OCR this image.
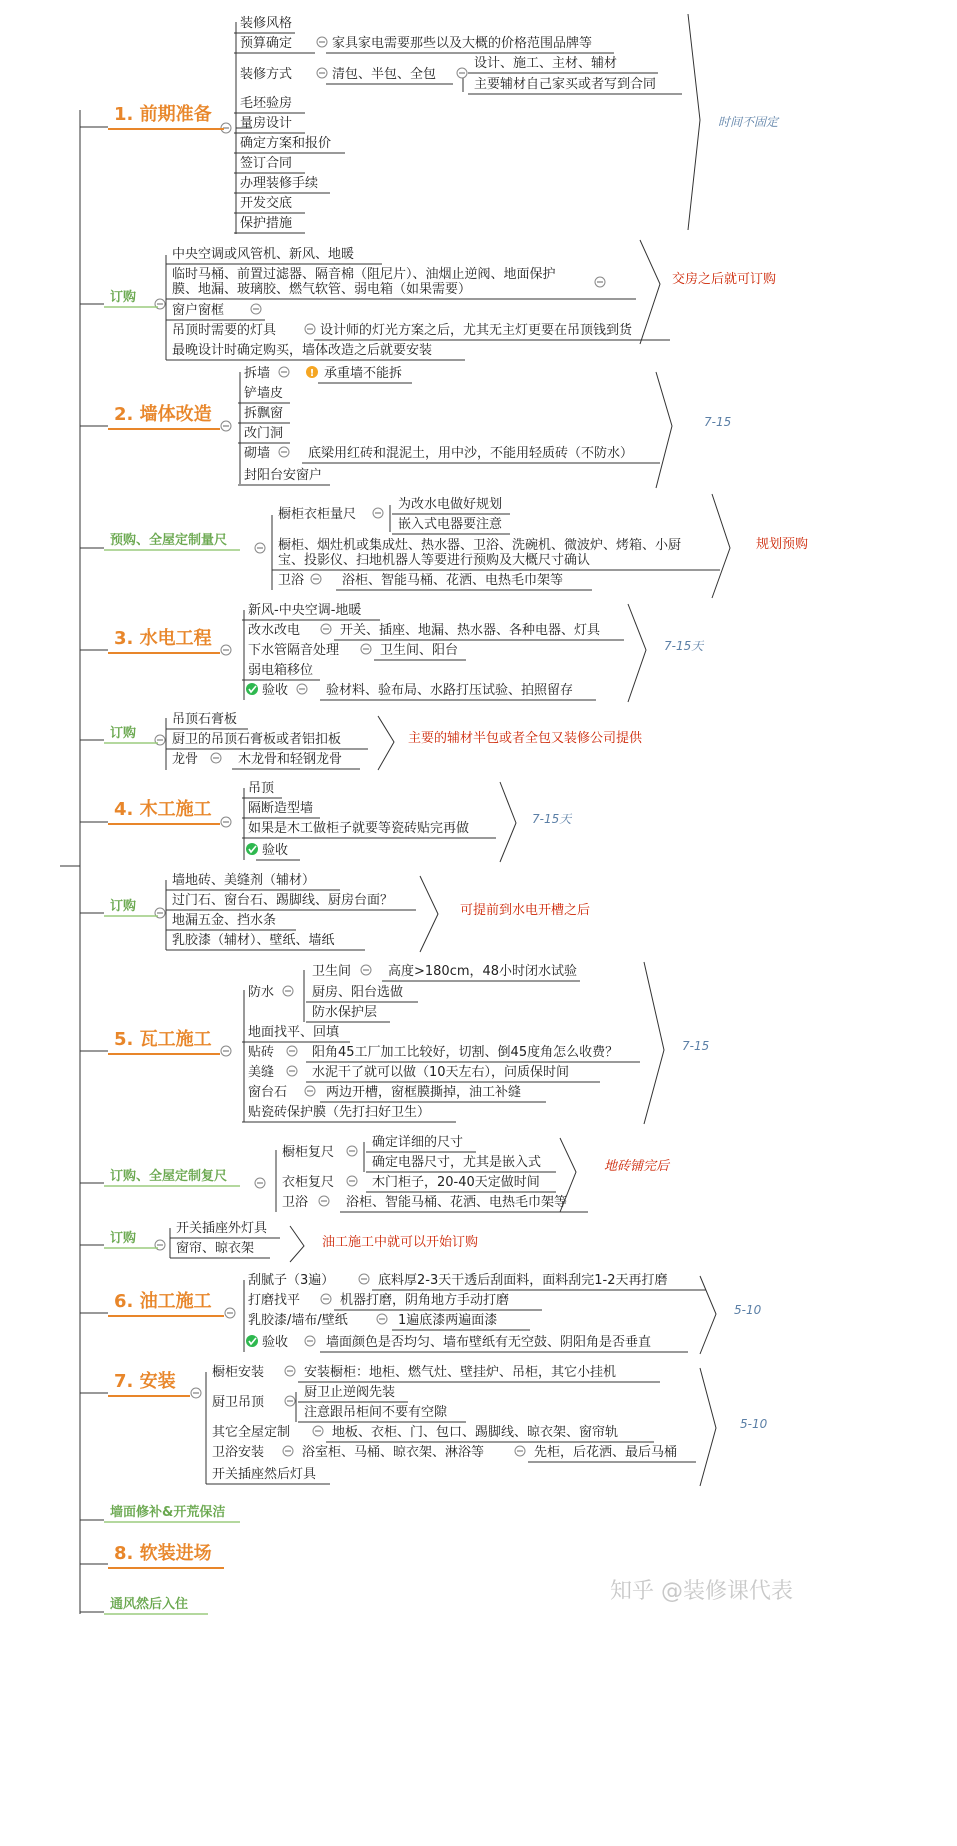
!
1. 前期准备
装修风格
预算确定	家具家电需要那些以及大概的价格范围品牌等
装修方式	清包、半包、全包
设计、施工、主材、辅材
主要辅材自己家买或者写到合同
毛坯验房
量房设计
确定方案和报价
签订合同
办理装修手续
开发交底
保护措施
时间不固定
订购
中央空调或风管机、新风、地暖
临时马桶、前置过滤器、隔音棉（阻尼片）、油烟止逆阀、地面保护
膜、地漏、玻璃胶、燃气软管、弱电箱（如果需要）
窗户窗框
吊顶时需要的灯具	设计师的灯光方案之后，尤其无主灯更要在吊顶钱到货
最晚设计时确定购买，墙体改造之后就要安装
交房之后就可订购
2. 墙体改造
拆墙	承重墙不能拆
铲墙皮
拆飘窗
改门洞
砌墙	底梁用红砖和混泥土，用中沙，不能用轻质砖（不防水）
封阳台安窗户
7-15
预购、全屋定制量尺
橱柜衣柜量尺
为改水电做好规划
嵌入式电器要注意
橱柜、烟灶机或集成灶、热水器、卫浴、洗碗机、微波炉、烤箱、小厨
宝、投影仪、扫地机器人等要进行预购及大概尺寸确认
卫浴	浴柜、智能马桶、花洒、电热毛巾架等
规划预购
3. 水电工程
新风-中央空调-地暖
改水改电	开关、插座、地漏、热水器、各种电器、灯具
下水管隔音处理	卫生间、阳台
弱电箱移位
验收	验材料、验布局、水路打压试验、拍照留存
7-15天
订购
吊顶石膏板
厨卫的吊顶石膏板或者铝扣板
龙骨	木龙骨和轻钢龙骨
主要的辅材半包或者全包又装修公司提供
4. 木工施工
吊顶
隔断造型墙
如果是木工做柜子就要等瓷砖贴完再做
验收
7-15天
订购
墙地砖、美缝剂（辅材）
过门石、窗台石、踢脚线、厨房台面？
地漏五金、挡水条
乳胶漆（辅材）、壁纸、墙纸
可提前到水电开槽之后
5. 瓦工施工
防水
卫生间	高度>180cm，48小时闭水试验
厨房、阳台选做
防水保护层
地面找平、回填
贴砖	阳角45工厂加工比较好，切割、倒45度角怎么收费？
美缝	水泥干了就可以做（10天左右），问质保时间
窗台石	两边开槽，窗框膜撕掉，油工补缝
贴瓷砖保护膜（先打扫好卫生）
7-15
订购、全屋定制复尺
橱柜复尺
确定详细的尺寸
确定电器尺寸，尤其是嵌入式
衣柜复尺	木门柜子，20-40天定做时间
卫浴	浴柜、智能马桶、花洒、电热毛巾架等
地砖铺完后
订购
开关插座外灯具
窗帘、晾衣架	油工施工中就可以开始订购
6. 油工施工
刮腻子（3遍）	底料厚2-3天干透后刮面料，面料刮完1-2天再打磨
打磨找平	机器打磨，阴角地方手动打磨
乳胶漆/墙布/壁纸	1遍底漆两遍面漆
验收	墙面颜色是否均匀、墙布壁纸有无空鼓、阴阳角是否垂直
5-10
7. 安装	橱柜安装	安装橱柜：地柜、燃气灶、壁挂炉、吊柜，其它小挂机
厨卫吊顶
厨卫止逆阀先装
注意跟吊柜间不要有空隙
其它全屋定制	地板、衣柜、门、包口、踢脚线、晾衣架、窗帘轨
卫浴安装	浴室柜、马桶、晾衣架、淋浴等	先柜，后花洒、最后马桶
开关插座然后灯具
5-10
墙面修补&开荒保洁
8. 软装进场
通风然后入住
知乎 @装修课代表
